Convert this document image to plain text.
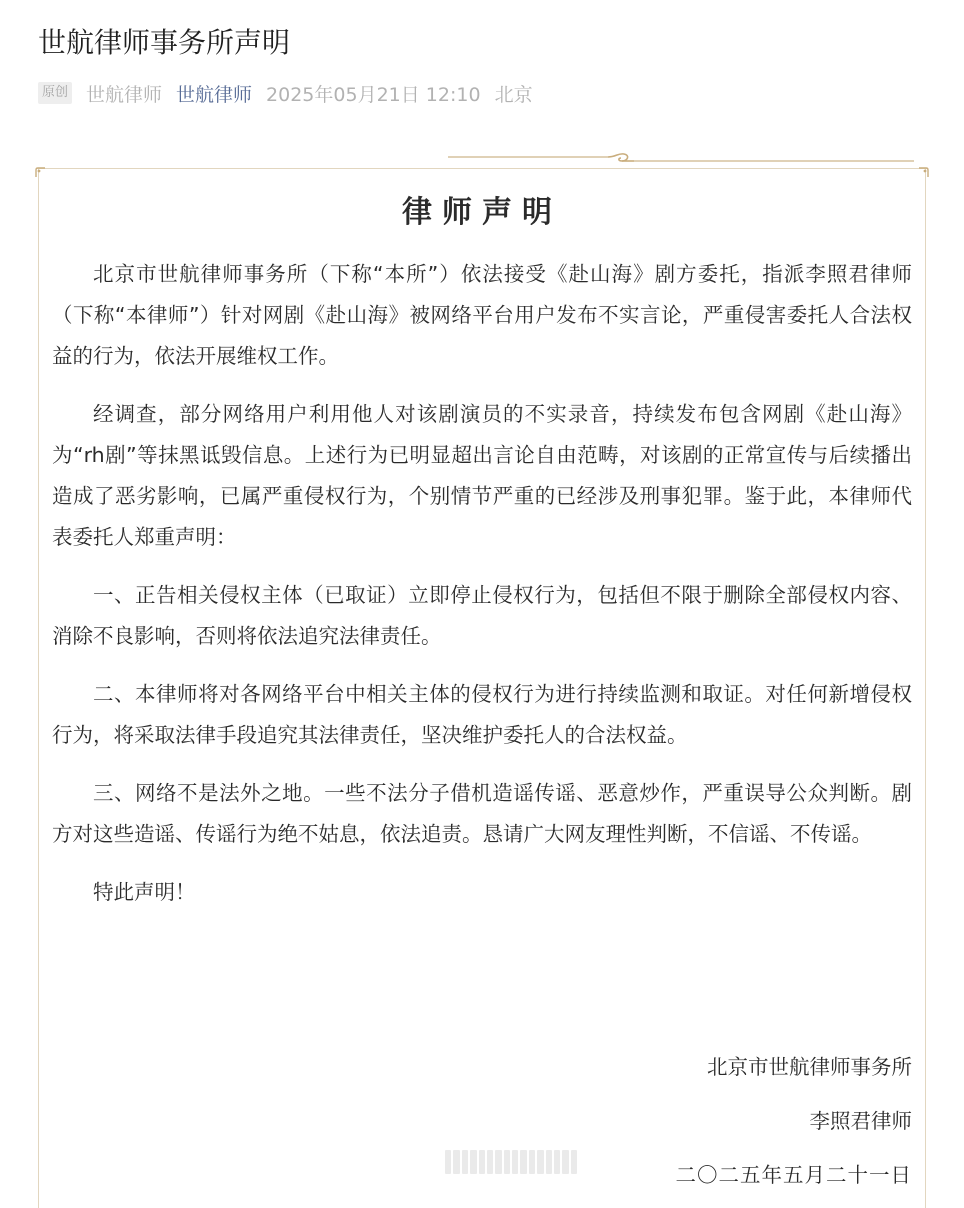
世航律师事务所声明
原创 世航律师 世航律师 2025年05月21日 12:10 北京
律师声明

北京市世航律师事务所（下称“本所”）依法接受《赴山海》剧方委托，指派李照君律师（下称“本律师”）针对网剧《赴山海》被网络平台用户发布不实言论，严重侵害委托人合法权益的行为，依法开展维权工作。

经调查，部分网络用户利用他人对该剧演员的不实录音，持续发布包含网剧《赴山海》为“rh剧”等抹黑诋毁信息。上述行为已明显超出言论自由范畴，对该剧的正常宣传与后续播出造成了恶劣影响，已属严重侵权行为，个别情节严重的已经涉及刑事犯罪。鉴于此，本律师代表委托人郑重声明：

一、正告相关侵权主体（已取证）立即停止侵权行为，包括但不限于删除全部侵权内容、消除不良影响，否则将依法追究法律责任。

二、本律师将对各网络平台中相关主体的侵权行为进行持续监测和取证。对任何新增侵权行为，将采取法律手段追究其法律责任，坚决维护委托人的合法权益。

三、网络不是法外之地。一些不法分子借机造谣传谣、恶意炒作，严重误导公众判断。剧方对这些造谣、传谣行为绝不姑息，依法追责。恳请广大网友理性判断，不信谣、不传谣。

特此声明！

北京市世航律师事务所
李照君律师
二〇二五年五月二十一日
